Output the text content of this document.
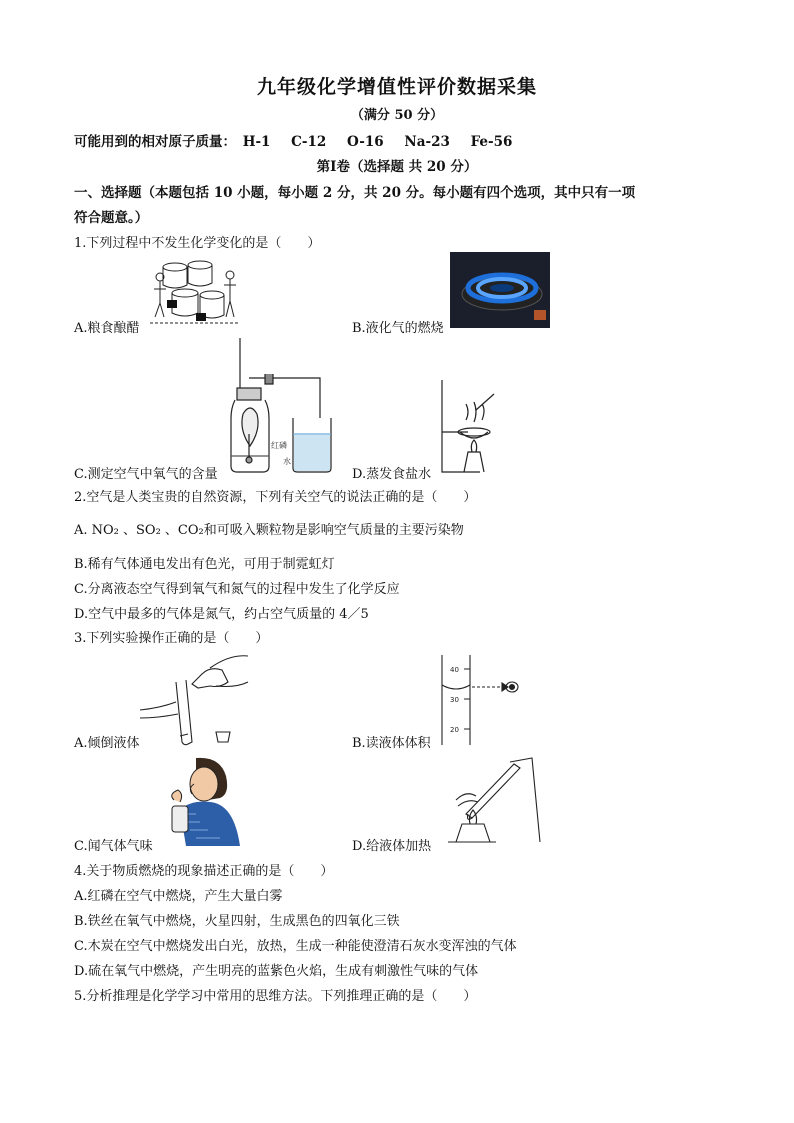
九年级化学增值性评价数据采集
（满分 50 分）
可能用到的相对原子质量： H-1 C-12 O-16 Na-23 Fe-56
第Ⅰ卷（选择题 共 20 分）
一、选择题（本题包括 10 小题，每小题 2 分，共 20 分。每小题有四个选项，其中只有一项
符合题意。）
1.下列过程中不发生化学变化的是（　　）
A.粮食酿醋	B.液化气的燃烧
红磷
水
C.测定空气中氧气的含量	D.蒸发食盐水
2.空气是人类宝贵的自然资源，下列有关空气的说法正确的是（　　）
A. NO₂ 、SO₂ 、CO₂和可吸入颗粒物是影响空气质量的主要污染物
B.稀有气体通电发出有色光，可用于制霓虹灯
C.分离液态空气得到氧气和氮气的过程中发生了化学反应
D.空气中最多的气体是氮气，约占空气质量的 4／5
3.下列实验操作正确的是（　　）
A.倾倒液体
40
30
20
B.读液体体积
C.闻气体气味	D.给液体加热
4.关于物质燃烧的现象描述正确的是（　　）
A.红磷在空气中燃烧，产生大量白雾
B.铁丝在氧气中燃烧，火星四射，生成黑色的四氧化三铁
C.木炭在空气中燃烧发出白光，放热，生成一种能使澄清石灰水变浑浊的气体
D.硫在氧气中燃烧，产生明亮的蓝紫色火焰，生成有刺激性气味的气体
5.分析推理是化学学习中常用的思维方法。下列推理正确的是（　　）
